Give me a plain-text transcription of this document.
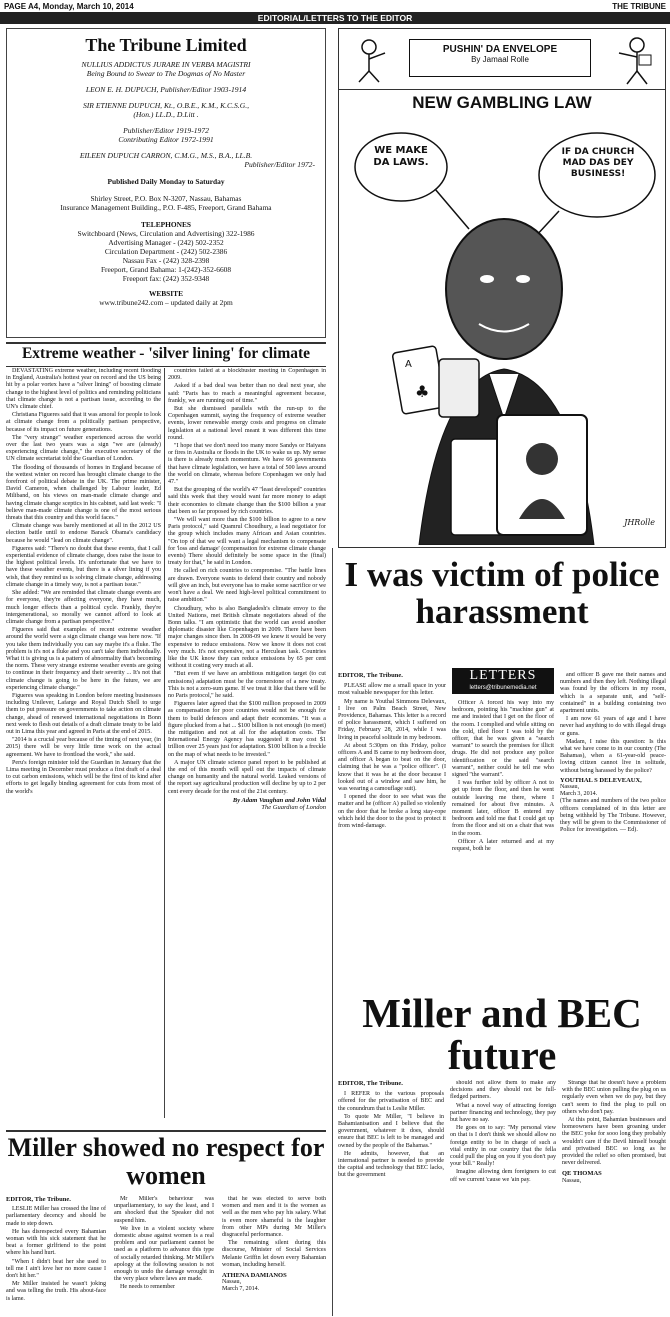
PAGE A4, Monday, March 10, 2014	THE TRIBUNE
EDITORIAL/LETTERS TO THE EDITOR
The Tribune Limited
NULLIUS ADDICTUS JURARE IN VERBA MAGISTRI
Being Bound to Swear to The Dogmas of No Master
LEON E. H. DUPUCH, Publisher/Editor 1903-1914
SIR ETIENNE DUPUCH, Kt., O.B.E., K.M., K.C.S.G.,
(Hon.) LL.D., D.Litt .
Publisher/Editor 1919-1972
Contributing Editor 1972-1991
EILEEN DUPUCH CARRON, C.M.G., M.S., B.A., LL.B.
Publisher/Editor 1972-
Published Daily Monday to Saturday
Shirley Street, P.O. Box N-3207, Nassau, Bahamas
Insurance Management Building., P.O. F-485, Freeport, Grand Bahama
TELEPHONES
Switchboard (News, Circulation and Advertising) 322-1986
Advertising Manager - (242) 502-2352
Circulation Department - (242) 502-2386
Nassau Fax - (242) 328-2398
Freeport, Grand Bahama: 1-(242)-352-6608
Freeport fax: (242) 352-9348
WEBSITE
www.tribune242.com – updated daily at 2pm
Extreme weather - 'silver lining' for climate

DEVASTATING extreme weather, including recent flooding in England, Australia's hottest year on record and the US being hit by a polar vortex have a "silver lining" of boosting climate change to the highest level of politics and reminding politicians that climate change is not a partisan issue, according to the UN's climate chief.

Christiana Figueres said that it was amoral for people to look at climate change from a politically partisan perspective, because of its impact on future generations.

The "very strange" weather experienced across the world over the last two years was a sign "we are (already) experiencing climate change," the executive secretary of the UN climate secretariat told the Guardian of London.

The flooding of thousands of homes in England because of the wettest winter on record has brought climate change to the forefront of political debate in the UK. The prime minister, David Cameron, when challenged by Labour leader, Ed Miliband, on his views on man-made climate change and having climate change sceptics in his cabinet, said last week: "I believe man-made climate change is one of the most serious threats that this country and this world faces."

Climate change was barely mentioned at all in the 2012 US election battle until to endorse Barack Obama's candidacy because he would "lead on climate change".

Figueres said: "There's no doubt that these events, that I call experiential evidence of climate change, does raise the issue to the highest political levels. It's unfortunate that we have to have these weather events, but there is a silver lining if you wish, that they remind us is solving climate change, addressing climate change in a timely way, is not a partisan issue."

She added: "We are reminded that climate change events are for everyone, they're affecting everyone, they have much, much longer effects than a political cycle. Frankly, they're intergenerational, so morally we cannot afford to look at climate change from a partisan perspective."

Figueres said that examples of recent extreme weather around the world were a sign climate change was here now. "If you take them individually you can say maybe it's a fluke. The problem is it's not a fluke and you can't take them individually. What it is giving us is a pattern of abnormality that's becoming the norm. These very strange extreme weather events are going to continue in their frequency and their severity ... It's not that climate change is going to be here in the future, we are experiencing climate change."

Figueres was speaking in London before meeting businesses including Unilever, Lafarge and Royal Dutch Shell to urge them to put pressure on governments to take action on climate change, ahead of renewed international negotiations in Bonn next week to flesh out details of a draft climate treaty to be laid out in Lima this year and agreed in Paris at the end of 2015.

"2014 is a crucial year because of the timing of next year, (in 2015) there will be very little time work on the actual agreement. We have to frontload the work," she said.

Peru's foreign minister told the Guardian in January that the Lima meeting in December must produce a first draft of a deal to cut carbon emissions, which will be the first of its kind after efforts to get legally binding agreement for cuts from most of the world's

countries failed at a blockbuster meeting in Copenhagen in 2009.

Asked if a bad deal was better than no deal next year, she said: "Paris has to reach a meaningful agreement because, frankly, we are running out of time."

But she dismissed parallels with the run-up to the Copenhagen summit, saying the frequency of extreme weather events, lower renewable energy costs and progress on climate legislation at a national level meant it was different this time round.

"I hope that we don't need too many more Sandys or Haiyans or fires in Australia or floods in the UK to wake us up. My sense is there is already much momentum. We have 66 governments that have climate legislation, we have a total of 500 laws around the world on climate, whereas before Copenhagen we only had 47."

But the grouping of the world's 47 "least developed" countries said this week that they would want far more money to adapt their economies to climate change than the $100 billion a year that been so far proposed by rich countries.

"We will want more than the $100 billion to agree to a new Paris protocol," said Quamrul Choudhury, a lead negotiator for the group which includes many African and Asian countries. "On top of that we will want a legal mechanism to compensate for 'loss and damage' (compensation for extreme climate change events) There should definitely be some space in the (final) treaty for that," he said in London.

He called on rich countries to compromise. "The battle lines are drawn. Everyone wants to defend their country and nobody will give an inch, but everyone has to make some sacrifice or we won't have a deal. We need high-level political commitment to raise ambition."

Choudhury, who is also Bangladesh's climate envoy to the United Nations, met British climate negotiators ahead of the Bonn talks. "I am optimistic that the world can avoid another diplomatic disaster like Copenhagen in 2009. There have been major changes since then. In 2008-09 we knew it would be very expensive to reduce emissions. Now we know it does not cost very much. It's not expensive, not a Herculean task. Countries like the UK know they can reduce emissions by 65 per cent without it costing very much at all.

"But even if we have an ambitious mitigation target (to cut emissions) adaptation must be the cornerstone of a new treaty. This is not a zero-sum game. If we treat it like that there will be no Paris protocol," he said.

Figueres later agreed that the $100 million proposed in 2009 as compensation for poor countries would not be enough for them to build defences and adapt their economies. "It was a figure plucked from a hat ... $100 billion is not enough (to meet) the mitigation and not at all for the adaptation costs. The International Energy Agency has suggested it may cost $1 trillion over 25 years just for adaptation. $100 billion is a freckle on the map of what needs to be invested."

A major UN climate science panel report to be published at the end of this month will spell out the impacts of climate change on humanity and the natural world. Leaked versions of the report say agricultural production will decline by up to 2 per cent every decade for the rest of the 21st century.

By Adam Vaughan and John Vidal
The Guardian of London
PUSHIN' DA ENVELOPE
By Jamaal Rolle
NEW GAMBLING LAW
A
♣
WE MAKE DA LAWS.
IF DA CHURCH MAD DAS DEY BUSINESS!
JHRolle
I was victim of police harassment
EDITOR, The Tribune.

PLEASE allow me a small space in your most valuable newspaper for this letter.

My name is Youthal Simmons Delevaux, I live on Palm Beach Street, New Providence, Bahamas. This letter is a record of police harassment, which I suffered on Friday, February 28, 2014, while I was living in peaceful solitude in my bedroom.

At about 5:30pm on this Friday, police officers A and B came to my bedroom door, and officer A began to beat on the door, claiming that he was a "police officer". (I know that it was he at the door because I looked out of a window and saw him, he was wearing a camouflage suit).

I opened the door to see what was the matter and he (officer A) pulled so violently on the door that he broke a long stay-rope which held the door to the post to protect it from wind-damage.

LETTERS
letters@tribunemedia.net

Officer A forced his way into my bedroom, pointing his "machine gun" at me and insisted that I get on the floor of the room. I complied and while sitting on the cold, tiled floor I was told by the officer, that he was given a "search warrant" to search the premises for illicit drugs. He did not produce any police identification or the said "search warrant", neither could he tell me who signed "the warrant".

I was further told by officer A not to get up from the floor, and then he went outside leaving me there, where I remained for about five minutes. A moment later, officer B entered my bedroom and told me that I could get up from the floor and sit on a chair that was in the room.

Officer A later returned and at my request, both he

and officer B gave me their names and numbers and then they left. Nothing illegal was found by the officers in my room, which is a separate unit, and "self-contained" in a building containing two apartment units.

I am now 61 years of age and I have never had anything to do with illegal drugs or guns.

Madam, I raise this question: Is this what we have come to in our country (The Bahamas), when a 61-year-old peace-loving citizen cannot live in solitude, without being harassed by the police?

YOUTHAL S DELEVEAUX,
Nassau,
March 3, 2014.
(The names and numbers of the two police officers complained of in this letter are being withheld by The Tribune. However, they will be given to the Commissioner of Police for investigation. — Ed).
Miller and BEC future
EDITOR, The Tribune.

I REFER to the various proposals offered for the privatisation of BEC and the conundrum that is Leslie Miller.

To quote Mr Miller, "I believe in Bahamianisation and I believe that the government, whatever it does, should ensure that BEC is left to be managed and owned by the people of the Bahamas."

He admits, however, that an international partner is needed to provide the capital and technology that BEC lacks, but the government

should not allow them to make any decisions and they should not be full-fledged partners.

What a novel way of attracting foreign partner financing and technology, they pay but have no say.

He goes on to say: "My personal view on that is I don't think we should allow no foreign entity to be in charge of such a vital entity in our country that the fella could pull the plug on you if you don't pay your bill." Really!

Imagine allowing dem foreigners to cut off we current 'cause we 'ain pay.

Strange that he doesn't have a problem with the BEC union pulling the plug on us regularly even when we do pay, but they can't seem to find the plug to pull on others who don't pay.

At this point, Bahamian businesses and homeowners have been groaning under the BEC yoke for sooo long they probably wouldn't care if the Devil himself bought and privatised BEC so long as he provided the relief so often promised, but never delivered.

QE THOMAS
Nassau,
Miller showed no respect for women
EDITOR, The Tribune.

LESLIE Miller has crossed the line of parliamentary decency and should be made to step down.

He has disrespected every Bahamian woman with his sick statement that he beat a former girlfriend to the point where his hand hurt.

"When I didn't beat her she used to tell me I ain't love her no more cause I don't hit her."

Mr Miller insisted he wasn't joking and was telling the truth. His about-face is lame.

Mr Miller's behaviour was unparliamentary, to say the least, and I am shocked that the Speaker did not suspend him.

We live in a violent society where domestic abuse against women is a real problem and our parliament cannot be used as a platform to advance this type of socially retarded thinking. Mr Miller's apology at the following session is not enough to undo the damage wrought in the very place where laws are made.

He needs to remember

that he was elected to serve both women and men and it is the women as well as the men who pay his salary. What is even more shameful is the laughter from other MPs during Mr Miller's disgraceful performance.

The remaining silent during this discourse, Minister of Social Services Melanie Griffin let down every Bahamian woman, including herself.

ATHENA DAMIANOS
Nassau,
March 7, 2014.
